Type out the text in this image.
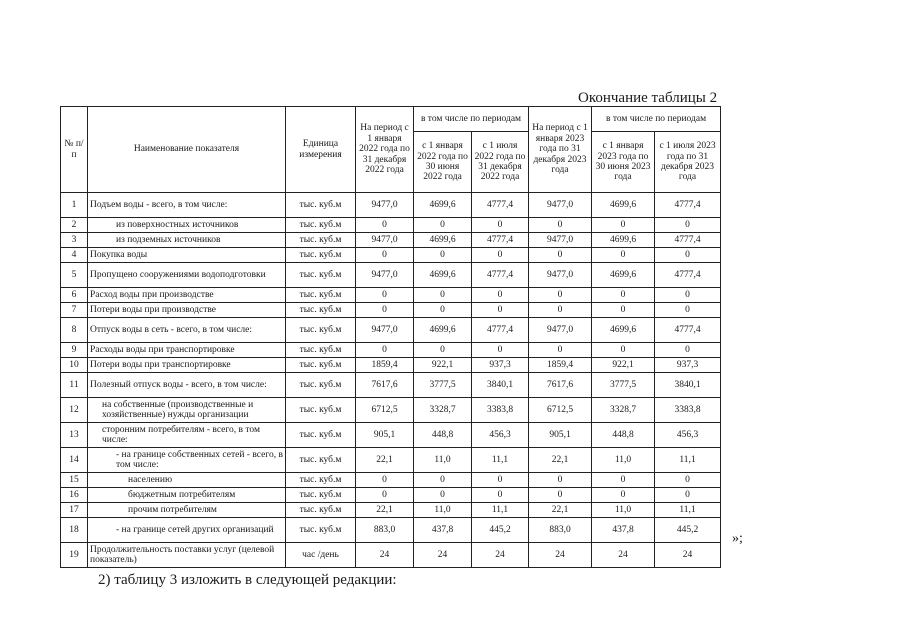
Окончание таблицы 2
№ п/п	Наименование показателя	Единица измерения	На период с 1 января 2022 года по 31 декабря 2022 года	в том числе по периодам		На период с 1 января 2023 года по 31 декабря 2023 года	в том числе по периодам	
				с 1 января 2022 года по 30 июня 2022 года	с 1 июля 2022 года по 31 декабря 2022 года		с 1 января 2023 года по 30 июня 2023 года	с 1 июля 2023 года по 31 декабря 2023 года
1	Подъем воды - всего, в том числе:	тыс. куб.м	9477,0	4699,6	4777,4	9477,0	4699,6	4777,4
2	из поверхностных источников	тыс. куб.м	0	0	0	0	0	0
3	из подземных источников	тыс. куб.м	9477,0	4699,6	4777,4	9477,0	4699,6	4777,4
4	Покупка воды	тыс. куб.м	0	0	0	0	0	0
5	Пропущено сооружениями водоподготовки	тыс. куб.м	9477,0	4699,6	4777,4	9477,0	4699,6	4777,4
6	Расход воды при производстве	тыс. куб.м	0	0	0	0	0	0
7	Потери воды при производстве	тыс. куб.м	0	0	0	0	0	0
8	Отпуск воды в сеть - всего, в том числе:	тыс. куб.м	9477,0	4699,6	4777,4	9477,0	4699,6	4777,4
9	Расходы воды при транспортировке	тыс. куб.м	0	0	0	0	0	0
10	Потери воды при транспортировке	тыс. куб.м	1859,4	922,1	937,3	1859,4	922,1	937,3
11	Полезный отпуск воды - всего, в том числе:	тыс. куб.м	7617,6	3777,5	3840,1	7617,6	3777,5	3840,1
12	на собственные (производственные и хозяйственные) нужды организации	тыс. куб.м	6712,5	3328,7	3383,8	6712,5	3328,7	3383,8
13	сторонним потребителям - всего, в том числе:	тыс. куб.м	905,1	448,8	456,3	905,1	448,8	456,3
14	- на границе собственных сетей - всего, в том числе:	тыс. куб.м	22,1	11,0	11,1	22,1	11,0	11,1
15	населению	тыс. куб.м	0	0	0	0	0	0
16	бюджетным потребителям	тыс. куб.м	0	0	0	0	0	0
17	прочим потребителям	тыс. куб.м	22,1	11,0	11,1	22,1	11,0	11,1
18	- на границе сетей других организаций	тыс. куб.м	883,0	437,8	445,2	883,0	437,8	445,2
19	Продолжительность поставки услуг (целевой показатель)	час /день	24	24	24	24	24	24
»;
2) таблицу 3 изложить в следующей редакции:
